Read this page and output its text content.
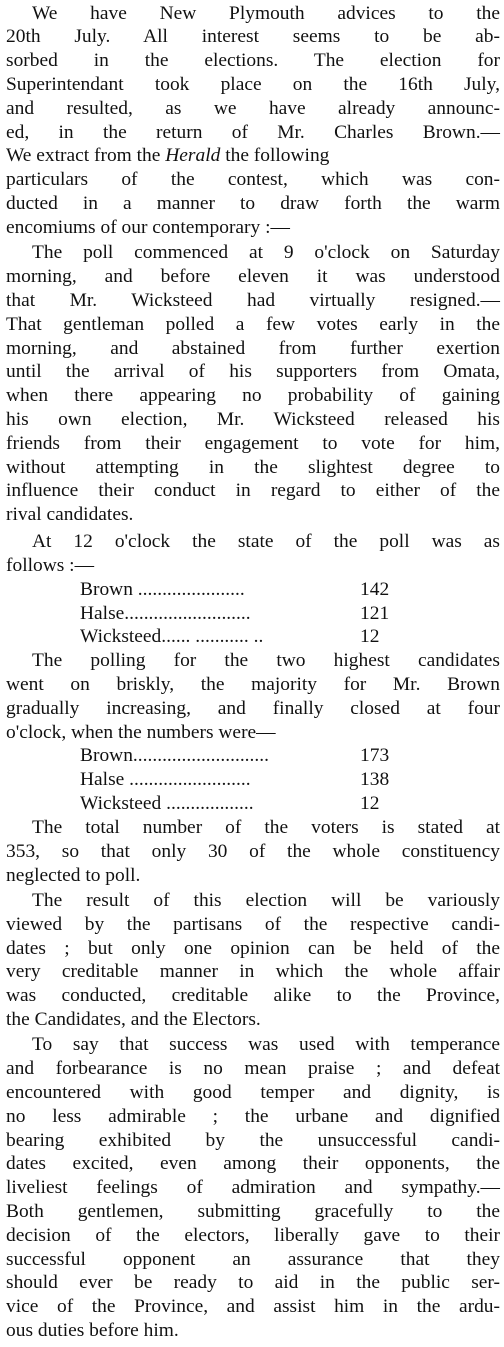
We have New Plymouth advices to the
20th July. All interest seems to be ab-
sorbed in the elections. The election for
Superintendant took place on the 16th July,
and resulted, as we have already announc-
ed, in the return of Mr. Charles Brown.—
We extract from the Herald the following
particulars of the contest, which was con-
ducted in a manner to draw forth the warm
encomiums of our contemporary :—
The poll commenced at 9 o'clock on Saturday
morning, and before eleven it was understood
that Mr. Wicksteed had virtually resigned.—
That gentleman polled a few votes early in the
morning, and abstained from further exertion
until the arrival of his supporters from Omata,
when there appearing no probability of gaining
his own election, Mr. Wicksteed released his
friends from their engagement to vote for him,
without attempting in the slightest degree to
influence their conduct in regard to either of the
rival candidates.
At 12 o'clock the state of the poll was as
follows :—
Brown ......................	142
Halse..........................	121
Wicksteed...... ........... ..	12
The polling for the two highest candidates
went on briskly, the majority for Mr. Brown
gradually increasing, and finally closed at four
o'clock, when the numbers were—
Brown............................	173
Halse .........................	138
Wicksteed ..................	12
The total number of the voters is stated at
353, so that only 30 of the whole constituency
neglected to poll.
The result of this election will be variously
viewed by the partisans of the respective candi-
dates ; but only one opinion can be held of the
very creditable manner in which the whole affair
was conducted, creditable alike to the Province,
the Candidates, and the Electors.
To say that success was used with temperance
and forbearance is no mean praise ; and defeat
encountered with good temper and dignity, is
no less admirable ; the urbane and dignified
bearing exhibited by the unsuccessful candi-
dates excited, even among their opponents, the
liveliest feelings of admiration and sympathy.—
Both gentlemen, submitting gracefully to the
decision of the electors, liberally gave to their
successful opponent an assurance that they
should ever be ready to aid in the public ser-
vice of the Province, and assist him in the ardu-
ous duties before him.
